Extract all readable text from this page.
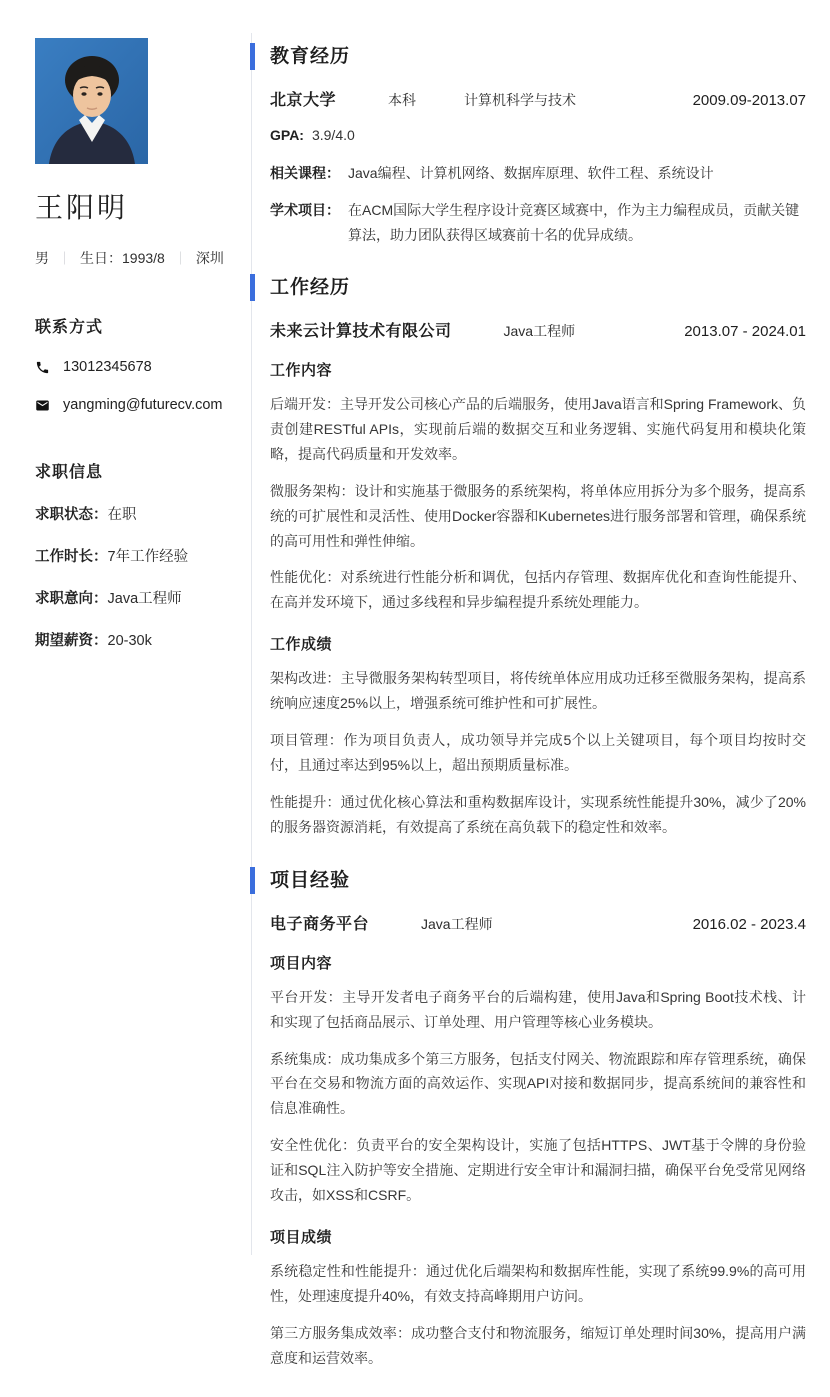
王阳明
男 ｜ 生日：1993/8 ｜ 深圳
联系方式
13012345678
yangming@futurecv.com
求职信息
求职状态：在职
工作时长：7年工作经验
求职意向：Java工程师
期望薪资：20-30k
教育经历
北京大学	本科	计算机科学与技术	2009.09-2013.07
GPA: 3.9/4.0
相关课程： Java编程、计算机网络、数据库原理、软件工程、系统设计
学术项目： 在ACM国际大学生程序设计竞赛区域赛中，作为主力编程成员，贡献关键算法，助力团队获得区域赛前十名的优异成绩。
工作经历
未来云计算技术有限公司	Java工程师	2013.07 - 2024.01
工作内容
后端开发：主导开发公司核心产品的后端服务，使用Java语言和Spring Framework、负责创建RESTful APIs，实现前后端的数据交互和业务逻辑、实施代码复用和模块化策略，提高代码质量和开发效率。
微服务架构：设计和实施基于微服务的系统架构，将单体应用拆分为多个服务，提高系统的可扩展性和灵活性、使用Docker容器和Kubernetes进行服务部署和管理，确保系统的高可用性和弹性伸缩。
性能优化：对系统进行性能分析和调优，包括内存管理、数据库优化和查询性能提升、在高并发环境下，通过多线程和异步编程提升系统处理能力。
工作成绩
架构改进：主导微服务架构转型项目，将传统单体应用成功迁移至微服务架构，提高系统响应速度25%以上，增强系统可维护性和可扩展性。
项目管理：作为项目负责人，成功领导并完成5个以上关键项目，每个项目均按时交付，且通过率达到95%以上，超出预期质量标准。
性能提升：通过优化核心算法和重构数据库设计，实现系统性能提升30%，减少了20%的服务器资源消耗，有效提高了系统在高负载下的稳定性和效率。
项目经验
电子商务平台	Java工程师	2016.02 - 2023.4
项目内容
平台开发：主导开发者电子商务平台的后端构建，使用Java和Spring Boot技术栈、计和实现了包括商品展示、订单处理、用户管理等核心业务模块。
系统集成：成功集成多个第三方服务，包括支付网关、物流跟踪和库存管理系统，确保平台在交易和物流方面的高效运作、实现API对接和数据同步，提高系统间的兼容性和信息准确性。
安全性优化：负责平台的安全架构设计，实施了包括HTTPS、JWT基于令牌的身份验证和SQL注入防护等安全措施、定期进行安全审计和漏洞扫描，确保平台免受常见网络攻击，如XSS和CSRF。
项目成绩
系统稳定性和性能提升：通过优化后端架构和数据库性能，实现了系统99.9%的高可用性，处理速度提升40%，有效支持高峰期用户访问。
第三方服务集成效率：成功整合支付和物流服务，缩短订单处理时间30%，提高用户满意度和运营效率。
